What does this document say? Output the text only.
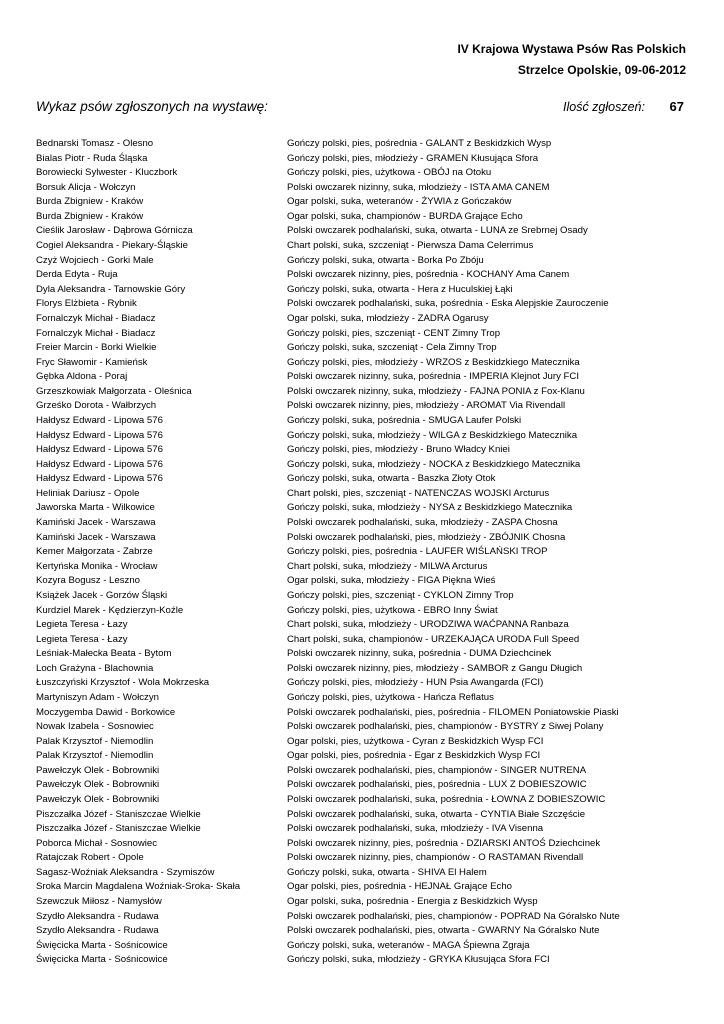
IV Krajowa Wystawa Psów Ras Polskich
Strzelce Opolskie, 09-06-2012
Wykaz psów zgłoszonych na wystawę:	Ilość zgłoszeń: 67
Bednarski Tomasz - Olesno	Gończy polski, pies, pośrednia - GALANT z Beskidzkich Wysp
Bialas Piotr - Ruda Śląska	Gończy polski, pies, młodzieży - GRAMEN Kłusująca Sfora
Borowiecki Sylwester - Kluczbork	Gończy polski, pies, użytkowa - OBÓJ na Otoku
Borsuk Alicja - Wołczyn	Polski owczarek nizinny, suka, młodzieży - ISTA AMA CANEM
Burda Zbigniew - Kraków	Ogar polski, suka, weteranów - ŻYWIA z Gończaków
Burda Zbigniew - Kraków	Ogar polski, suka, championów - BURDA Grające Echo
Cieślik Jarosław - Dąbrowa Górnicza	Polski owczarek podhalański, suka, otwarta - LUNA ze Srebrnej Osady
Cogiel Aleksandra - Piekary-Śląskie	Chart polski, suka, szczeniąt - Pierwsza Dama Celerrimus
Czyż Wojciech - Gorki Male	Gończy polski, suka, otwarta - Borka Po Zbóju
Derda Edyta - Ruja	Polski owczarek nizinny, pies, pośrednia - KOCHANY Ama Canem
Dyla Aleksandra - Tarnowskie Góry	Gończy polski, suka, otwarta - Hera z Huculskiej Łąki
Florys Elżbieta - Rybnik	Polski owczarek podhalański, suka, pośrednia - Eska Alepjskie Zauroczenie
Fornalczyk Michał - Biadacz	Ogar polski, suka, młodzieży - ZADRA Ogarusy
Fornalczyk Michał - Biadacz	Gończy polski, pies, szczeniąt - CENT Zimny Trop
Freier Marcin - Borki Wielkie	Gończy polski, suka, szczeniąt - Cela Zimny Trop
Fryc Sławomir - Kamieńsk	Gończy polski, pies, młodzieży - WRZOS z Beskidzkiego Matecznika
Gębka Aldona - Poraj	Polski owczarek nizinny, suka, pośrednia - IMPERIA Klejnot Jury FCI
Grzeszkowiak Małgorzata - Oleśnica	Polski owczarek nizinny, suka, młodzieży - FAJNA PONIA z Fox-Klanu
Grześko Dorota - Wałbrzych	Polski owczarek nizinny, pies, młodzieży - AROMAT Via Rivendall
Hałdysz Edward - Lipowa 576	Gończy polski, suka, pośrednia - SMUGA Laufer Polski
Hałdysz Edward - Lipowa 576	Gończy polski, suka, młodzieży - WILGA z Beskidzkiego Matecznika
Hałdysz Edward - Lipowa 576	Gończy polski, pies, młodzieży - Bruno Władcy Kniei
Hałdysz Edward - Lipowa 576	Gończy polski, suka, młodzieży - NOCKA z Beskidzkiego Matecznika
Hałdysz Edward - Lipowa 576	Gończy polski, suka, otwarta - Baszka Złoty Otok
Heliniak Dariusz - Opole	Chart polski, pies, szczeniąt - NATENCZAS WOJSKI Arcturus
Jaworska Marta - Wilkowice	Gończy polski, suka, młodzieży - NYSA z Beskidzkiego Matecznika
Kamiński Jacek - Warszawa	Polski owczarek podhalański, suka, młodzieży - ZASPA Chosna
Kamiński Jacek - Warszawa	Polski owczarek podhalański, pies, młodzieży - ZBÓJNIK Chosna
Kemer Małgorzata - Zabrze	Gończy polski, pies, pośrednia - LAUFER WIŚLAŃSKI TROP
Kertyńska Monika - Wrocław	Chart polski, suka, młodzieży - MILWA Arcturus
Kozyra Bogusz - Leszno	Ogar polski, suka, młodzieży - FIGA Piękna Wieś
Książek Jacek - Gorzów Śląski	Gończy polski, pies, szczeniąt - CYKLON Zimny Trop
Kurdziel Marek - Kędzierzyn-Koźle	Gończy polski, pies, użytkowa - EBRO Inny Świat
Legieta Teresa - Łazy	Chart polski, suka, młodzieży - URODZIWA WAĆPANNA Ranbaza
Legieta Teresa - Łazy	Chart polski, suka, championów - URZEKAJĄCA URODA Full Speed
Leśniak-Małecka Beata - Bytom	Polski owczarek nizinny, suka, pośrednia - DUMA Dziechcinek
Loch Grażyna - Blachownia	Polski owczarek nizinny, pies, młodzieży - SAMBOR z Gangu Długich
Łuszczyński Krzysztof - Wola Mokrzeska	Gończy polski, pies, młodzieży - HUN Psia Awangarda (FCI)
Martyniszyn Adam - Wołczyn	Gończy polski, pies, użytkowa - Hańcza Reflatus
Moczygemba Dawid - Borkowice	Polski owczarek podhalański, pies, pośrednia - FILOMEN Poniatowskie Piaski
Nowak Izabela - Sosnowiec	Polski owczarek podhalański, pies, championów - BYSTRY z Siwej Polany
Palak Krzysztof - Niemodlin	Ogar polski, pies, użytkowa - Cyran z Beskidzkich Wysp FCI
Palak Krzysztof - Niemodlin	Ogar polski, pies, pośrednia - Egar z Beskidzkich Wysp FCI
Pawełczyk Olek - Bobrowniki	Polski owczarek podhalański, pies, championów - SINGER NUTRENA
Pawełczyk Olek - Bobrowniki	Polski owczarek podhalański, pies, pośrednia - LUX Z DOBIESZOWIC
Pawełczyk Olek - Bobrowniki	Polski owczarek podhalański, suka, pośrednia - ŁOWNA Z DOBIESZOWIC
Piszczałka Józef - Staniszczae Wielkie	Polski owczarek podhalański, suka, otwarta - CYNTIA Białe Szczęście
Piszczałka Józef - Staniszczae Wielkie	Polski owczarek podhalański, suka, młodzieży - IVA Visenna
Poborca Michał - Sosnowiec	Polski owczarek nizinny, pies, pośrednia - DZIARSKI ANTOŚ Dziechcinek
Ratajczak Robert - Opole	Polski owczarek nizinny, pies, championów - O RASTAMAN Rivendall
Sagasz-Woźniak Aleksandra - Szymiszów	Gończy polski, suka, otwarta - SHIVA El Halem
Sroka Marcin Magdalena Woźniak-Sroka- Skała	Ogar polski, pies, pośrednia - HEJNAŁ Grające Echo
Szewczuk Miłosz - Namysłów	Ogar polski, suka, pośrednia - Energia z Beskidzkich Wysp
Szydło Aleksandra - Rudawa	Polski owczarek podhalański, pies, championów - POPRAD Na Góralsko Nute
Szydło Aleksandra - Rudawa	Polski owczarek podhalański, pies, otwarta - GWARNY Na Góralsko Nute
Święcicka Marta - Sośnicowice	Gończy polski, suka, weteranów - MAGA Śpiewna Zgraja
Święcicka Marta - Sośnicowice	Gończy polski, suka, młodzieży - GRYKA Kłusująca Sfora FCI
